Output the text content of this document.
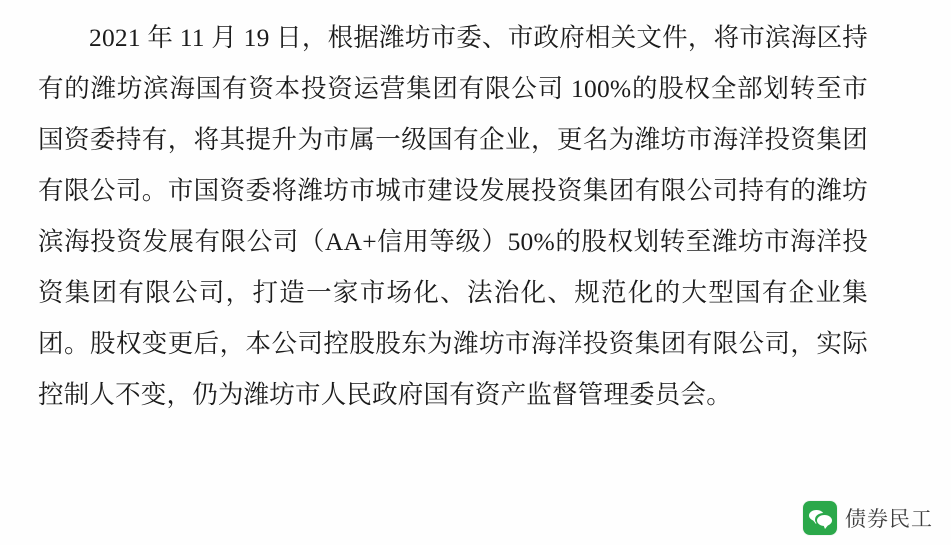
2021 年 11 月 19 日，根据潍坊市委、市政府相关文件，将市滨海区持有的潍坊滨海国有资本投资运营集团有限公司 100%的股权全部划转至市国资委持有，将其提升为市属一级国有企业，更名为潍坊市海洋投资集团有限公司。市国资委将潍坊市城市建设发展投资集团有限公司持有的潍坊滨海投资发展有限公司（AA+信用等级）50%的股权划转至潍坊市海洋投资集团有限公司，打造一家市场化、法治化、规范化的大型国有企业集团。股权变更后，本公司控股股东为潍坊市海洋投资集团有限公司，实际控制人不变，仍为潍坊市人民政府国有资产监督管理委员会。

债券民工
